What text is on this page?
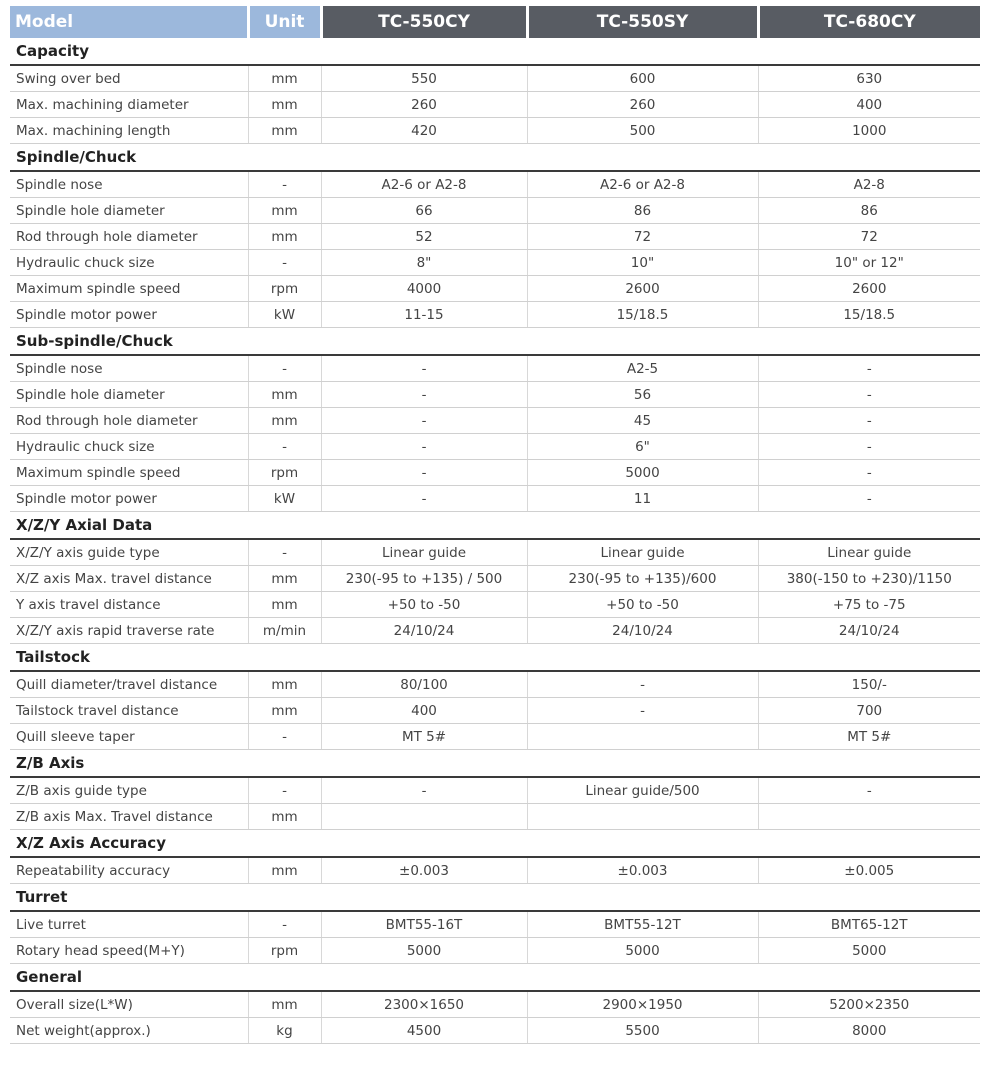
Model	Unit	TC-550CY	TC-550SY	TC-680CY
Capacity				
Swing over bed	mm	550	600	630
Max. machining diameter	mm	260	260	400
Max. machining length	mm	420	500	1000
Spindle/Chuck				
Spindle nose	-	A2-6 or A2-8	A2-6 or A2-8	A2-8
Spindle hole diameter	mm	66	86	86
Rod through hole diameter	mm	52	72	72
Hydraulic chuck size	-	8"	10"	10" or 12"
Maximum spindle speed	rpm	4000	2600	2600
Spindle motor power	kW	11-15	15/18.5	15/18.5
Sub-spindle/Chuck				
Spindle nose	-	-	A2-5	-
Spindle hole diameter	mm	-	56	-
Rod through hole diameter	mm	-	45	-
Hydraulic chuck size	-	-	6"	-
Maximum spindle speed	rpm	-	5000	-
Spindle motor power	kW	-	11	-
X/Z/Y Axial Data				
X/Z/Y axis guide type	-	Linear guide	Linear guide	Linear guide
X/Z axis Max. travel distance	mm	230(-95 to +135) / 500	230(-95 to +135)/600	380(-150 to +230)/1150
Y axis travel distance	mm	+50 to -50	+50 to -50	+75 to -75
X/Z/Y axis rapid traverse rate	m/min	24/10/24	24/10/24	24/10/24
Tailstock				
Quill diameter/travel distance	mm	80/100	-	150/-
Tailstock travel distance	mm	400	-	700
Quill sleeve taper	-	MT 5#		MT 5#
Z/B Axis				
Z/B axis guide type	-	-	Linear guide/500	-
Z/B axis Max. Travel distance	mm			
X/Z Axis Accuracy				
Repeatability accuracy	mm	±0.003	±0.003	±0.005
Turret				
Live turret	-	BMT55-16T	BMT55-12T	BMT65-12T
Rotary head speed(M+Y)	rpm	5000	5000	5000
General				
Overall size(L*W)	mm	2300×1650	2900×1950	5200×2350
Net weight(approx.)	kg	4500	5500	8000
